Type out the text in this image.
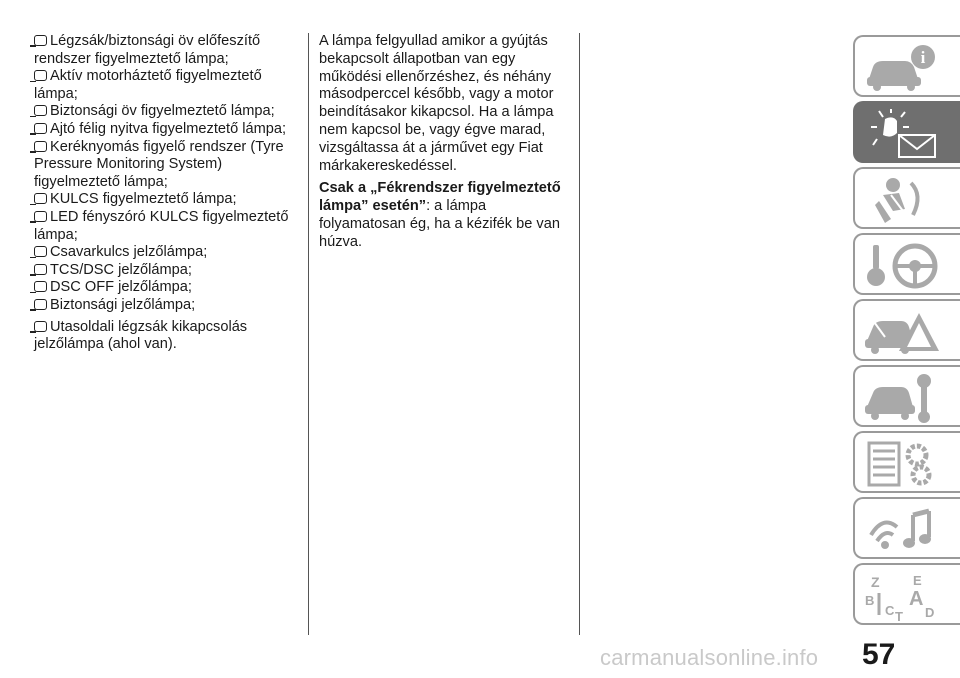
Légzsák/biztonsági öv előfeszítő rendszer figyelmeztető lámpa;
Aktív motorháztető figyelmeztető lámpa;
Biztonsági öv figyelmeztető lámpa;
Ajtó félig nyitva figyelmeztető lámpa;
Keréknyomás figyelő rendszer (Tyre Pressure Monitoring System) figyelmeztető lámpa;
KULCS figyelmeztető lámpa;
LED fényszóró KULCS figyelmeztető lámpa;
Csavarkulcs jelzőlámpa;
TCS/DSC jelzőlámpa;
DSC OFF jelzőlámpa;
Biztonsági jelzőlámpa;
Utasoldali légzsák kikapcsolás jelzőlámpa (ahol van).

A lámpa felgyullad amikor a gyújtás bekapcsolt állapotban van egy működési ellenőrzéshez, és néhány másodperccel később, vagy a motor beindításakor kikapcsol. Ha a lámpa nem kapcsol be, vagy égve marad, vizsgáltassa át a járművet egy Fiat márkakereskedéssel.

Csak a „Fékrendszer figyelmeztető lámpa” esetén”: a lámpa folyamatosan ég, ha a kézifék be van húzva.

i
Z	E
B A
C D
T
57
carmanualsonline.info
